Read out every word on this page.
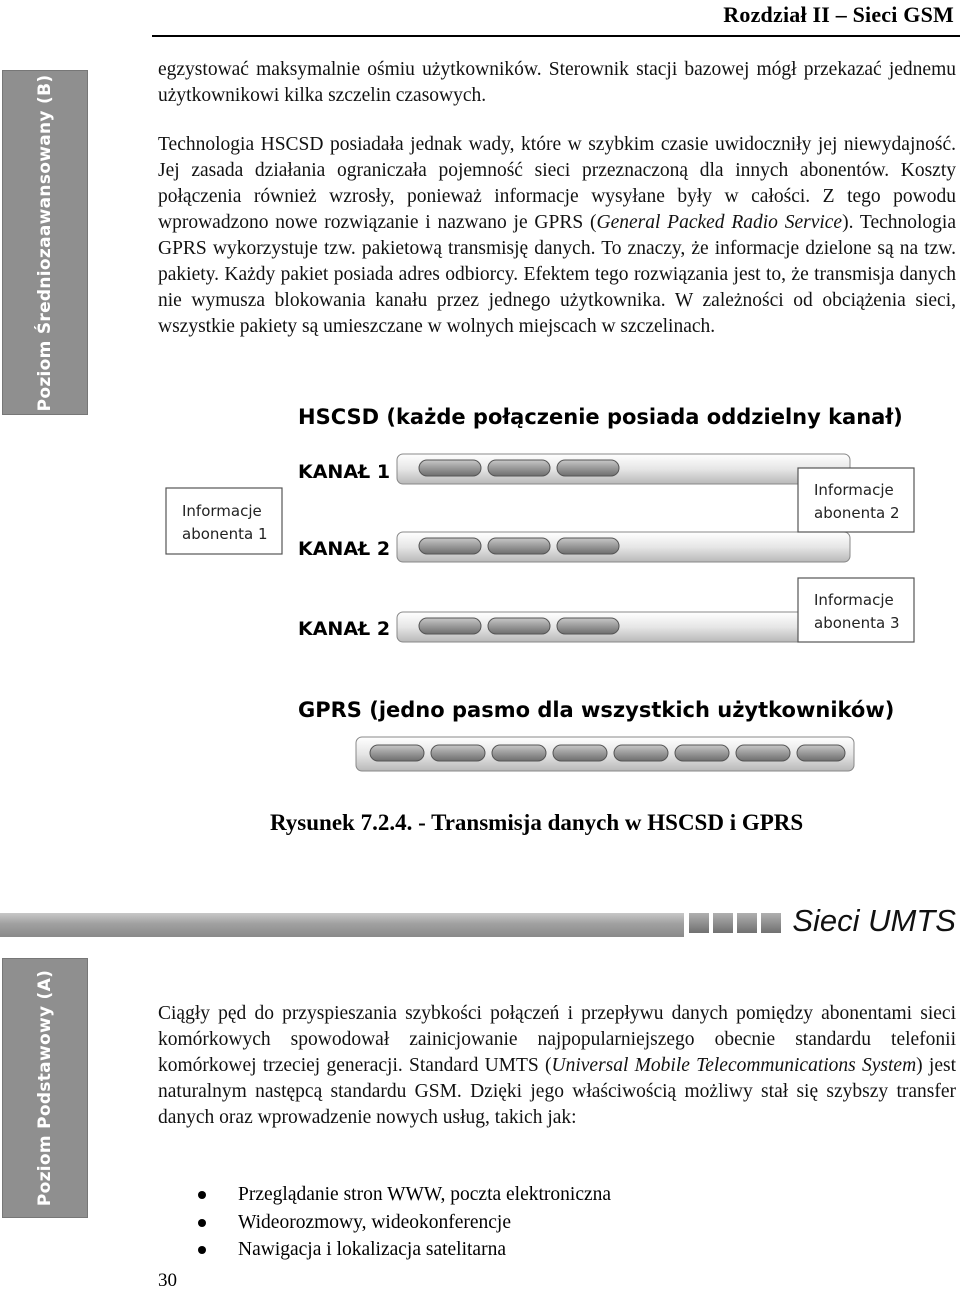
Rozdział II – Sieci GSM
Poziom Średniozaawansowany (B)
Poziom Podstawowy (A)

egzystować maksymalnie ośmiu użytkowników. Sterownik stacji bazowej mógł przekazać jednemu użytkownikowi kilka szczelin czasowych.

Technologia HSCSD posiadała jednak wady, które w szybkim czasie uwidoczniły jej niewydajność. Jej zasada działania ograniczała pojemność sieci przeznaczoną dla innych abonentów. Koszty połączenia również wzrosły, ponieważ informacje wysyłane były w całości. Z tego powodu wprowadzono nowe rozwiązanie i nazwano je GPRS (General Packed Radio Service). Technologia GPRS wykorzystuje tzw. pakietową transmisję danych. To znaczy, że informacje dzielone są na tzw. pakiety. Każdy pakiet posiada adres odbiorcy. Efektem tego rozwiązania jest to, że transmisja danych nie wymusza blokowania kanału przez jednego użytkownika. W zależności od obciążenia sieci, wszystkie pakiety są umieszczane w wolnych miejscach w szczelinach.

HSCSD (każde połączenie posiada oddzielny kanał)
KANAŁ 1
KANAŁ 2
KANAŁ 2
Informacje
abonenta 1
Informacje
abonenta 2
Informacje
abonenta 3
GPRS (jedno pasmo dla wszystkich użytkowników)
Rysunek 7.2.4. - Transmisja danych w HSCSD i GPRS
Sieci UMTS

Ciągły pęd do przyspieszania szybkości połączeń i przepływu danych pomiędzy abonentami sieci komórkowych spowodował zainicjowanie najpopularniejszego obecnie standardu telefonii komórkowej trzeciej generacji. Standard UMTS (Universal Mobile Telecommunications System) jest naturalnym następcą standardu GSM. Dzięki jego właściwością możliwy stał się szybszy transfer danych oraz wprowadzenie nowych usług, takich jak:

Przeglądanie stron WWW, poczta elektroniczna
Wideorozmowy, wideokonferencje
Nawigacja i lokalizacja satelitarna
30
